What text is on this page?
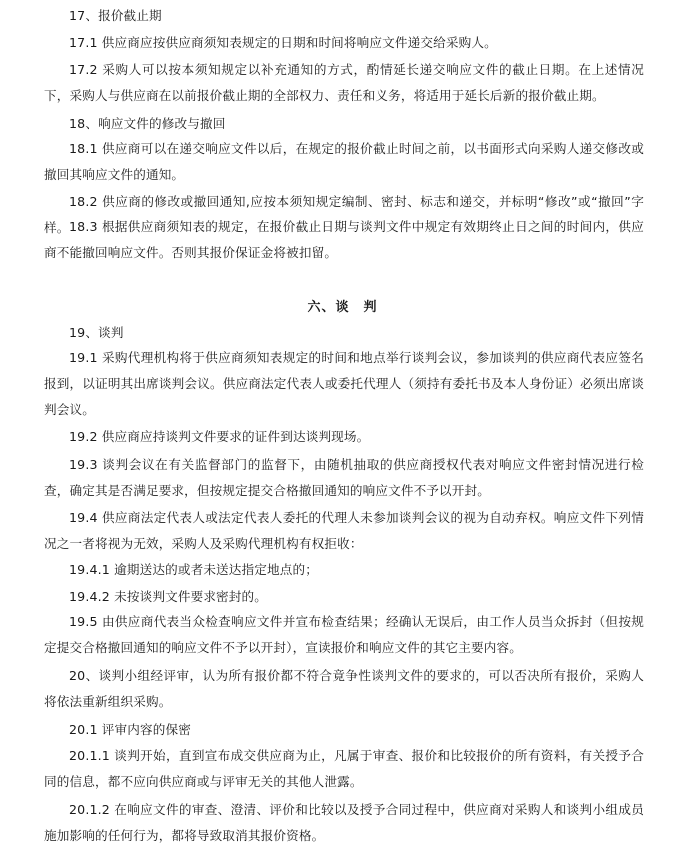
17、报价截止期
17.1 供应商应按供应商须知表规定的日期和时间将响应文件递交给采购人。
17.2 采购人可以按本须知规定以补充通知的方式，酌情延长递交响应文件的截止日期。在上述情况下，采购人与供应商在以前报价截止期的全部权力、责任和义务，将适用于延长后新的报价截止期。
18、响应文件的修改与撤回
18.1 供应商可以在递交响应文件以后，在规定的报价截止时间之前，以书面形式向采购人递交修改或撤回其响应文件的通知。
18.2 供应商的修改或撤回通知,应按本须知规定编制、密封、标志和递交，并标明“修改”或“撤回”字样。 18.3 根据供应商须知表的规定，在报价截止日期与谈判文件中规定有效期终止日之间的时间内，供应商不能撤回响应文件。否则其报价保证金将被扣留。
六、谈　判
19、谈判
19.1 采购代理机构将于供应商须知表规定的时间和地点举行谈判会议，参加谈判的供应商代表应签名报到，以证明其出席谈判会议。供应商法定代表人或委托代理人（须持有委托书及本人身份证）必须出席谈判会议。
19.2 供应商应持谈判文件要求的证件到达谈判现场。
19.3 谈判会议在有关监督部门的监督下，由随机抽取的供应商授权代表对响应文件密封情况进行检查，确定其是否满足要求，但按规定提交合格撤回通知的响应文件不予以开封。
19.4 供应商法定代表人或法定代表人委托的代理人未参加谈判会议的视为自动弃权。响应文件下列情况之一者将视为无效，采购人及采购代理机构有权拒收：
19.4.1 逾期送达的或者未送达指定地点的；
19.4.2 未按谈判文件要求密封的。
19.5 由供应商代表当众检查响应文件并宣布检查结果；经确认无误后，由工作人员当众拆封（但按规定提交合格撤回通知的响应文件不予以开封），宣读报价和响应文件的其它主要内容。
20、谈判小组经评审，认为所有报价都不符合竟争性谈判文件的要求的，可以否决所有报价，采购人将依法重新组织采购。
20.1 评审内容的保密
20.1.1 谈判开始，直到宣布成交供应商为止，凡属于审查、报价和比较报价的所有资料，有关授予合同的信息，都不应向供应商或与评审无关的其他人泄露。
20.1.2 在响应文件的审查、澄清、评价和比较以及授予合同过程中，供应商对采购人和谈判小组成员施加影响的任何行为，都将导致取消其报价资格。
